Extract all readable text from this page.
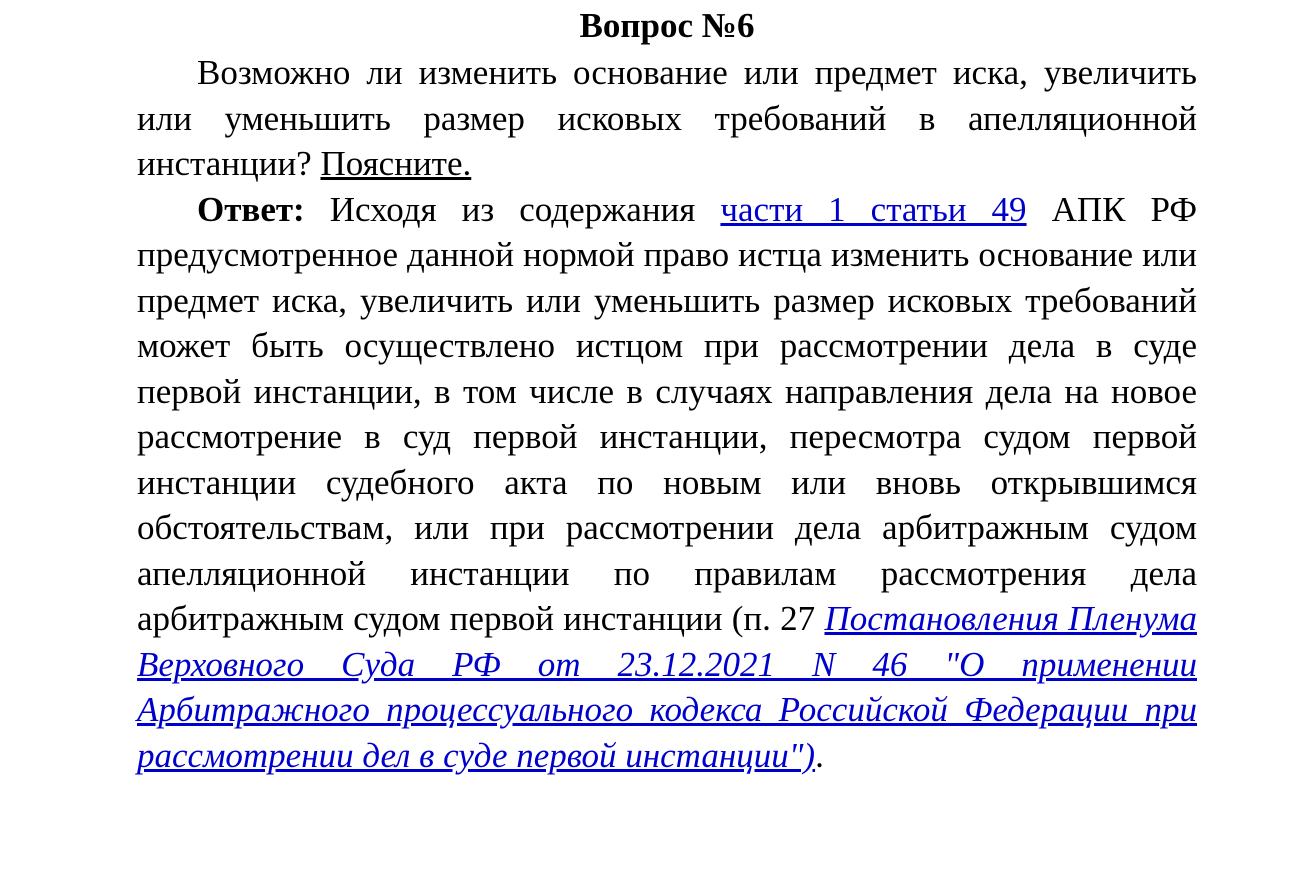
Вопрос №6

Возможно ли изменить основание или предмет иска, увеличить или уменьшить размер исковых требований в апелляционной инстанции? Поясните.

Ответ: Исходя из содержания части 1 статьи 49 АПК РФ предусмотренное данной нормой право истца изменить основание или предмет иска, увеличить или уменьшить размер исковых требований может быть осуществлено истцом при рассмотрении дела в суде первой инстанции, в том числе в случаях направления дела на новое рассмотрение в суд первой инстанции, пересмотра судом первой инстанции судебного акта по новым или вновь открывшимся обстоятельствам, или при рассмотрении дела арбитражным судом апелляционной инстанции по правилам рассмотрения дела арбитражным судом первой инстанции (п. 27 Постановления Пленума Верховного Суда РФ от 23.12.2021 N 46 "О применении Арбитражного процессуального кодекса Российской Федерации при рассмотрении дел в суде первой инстанции").
